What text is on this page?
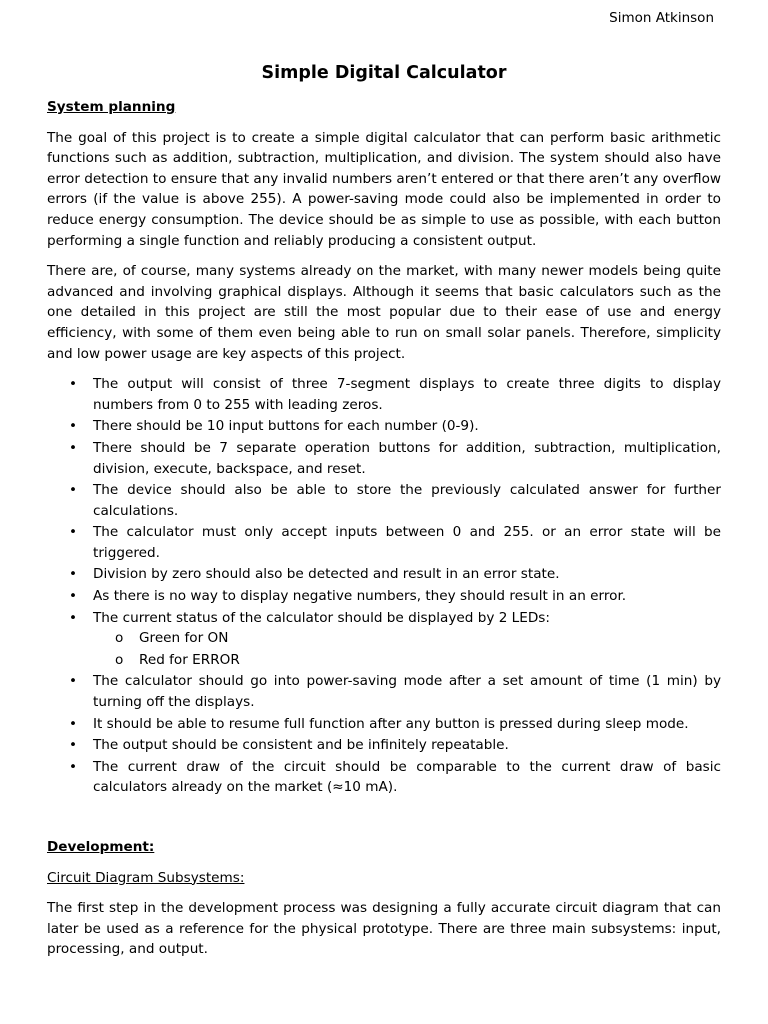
Simon Atkinson
Simple Digital Calculator
System planning

The goal of this project is to create a simple digital calculator that can perform basic arithmetic functions such as addition, subtraction, multiplication, and division. The system should also have error detection to ensure that any invalid numbers aren’t entered or that there aren’t any overflow errors (if the value is above 255). A power-saving mode could also be implemented in order to reduce energy consumption. The device should be as simple to use as possible, with each button performing a single function and reliably producing a consistent output.

There are, of course, many systems already on the market, with many newer models being quite advanced and involving graphical displays. Although it seems that basic calculators such as the one detailed in this project are still the most popular due to their ease of use and energy efficiency, with some of them even being able to run on small solar panels. Therefore, simplicity and low power usage are key aspects of this project.

• The output will consist of three 7-segment displays to create three digits to display numbers from 0 to 255 with leading zeros.
• There should be 10 input buttons for each number (0-9).
• There should be 7 separate operation buttons for addition, subtraction, multiplication, division, execute, backspace, and reset.
• The device should also be able to store the previously calculated answer for further calculations.
• The calculator must only accept inputs between 0 and 255. or an error state will be triggered.
• Division by zero should also be detected and result in an error state.
• As there is no way to display negative numbers, they should result in an error.
• The current status of the calculator should be displayed by 2 LEDs:
o Green for ON
o Red for ERROR
• The calculator should go into power-saving mode after a set amount of time (1 min) by turning off the displays.
• It should be able to resume full function after any button is pressed during sleep mode.
• The output should be consistent and be infinitely repeatable.
• The current draw of the circuit should be comparable to the current draw of basic calculators already on the market (≈10 mA).
Development:
Circuit Diagram Subsystems:

The first step in the development process was designing a fully accurate circuit diagram that can later be used as a reference for the physical prototype. There are three main subsystems: input, processing, and output.
